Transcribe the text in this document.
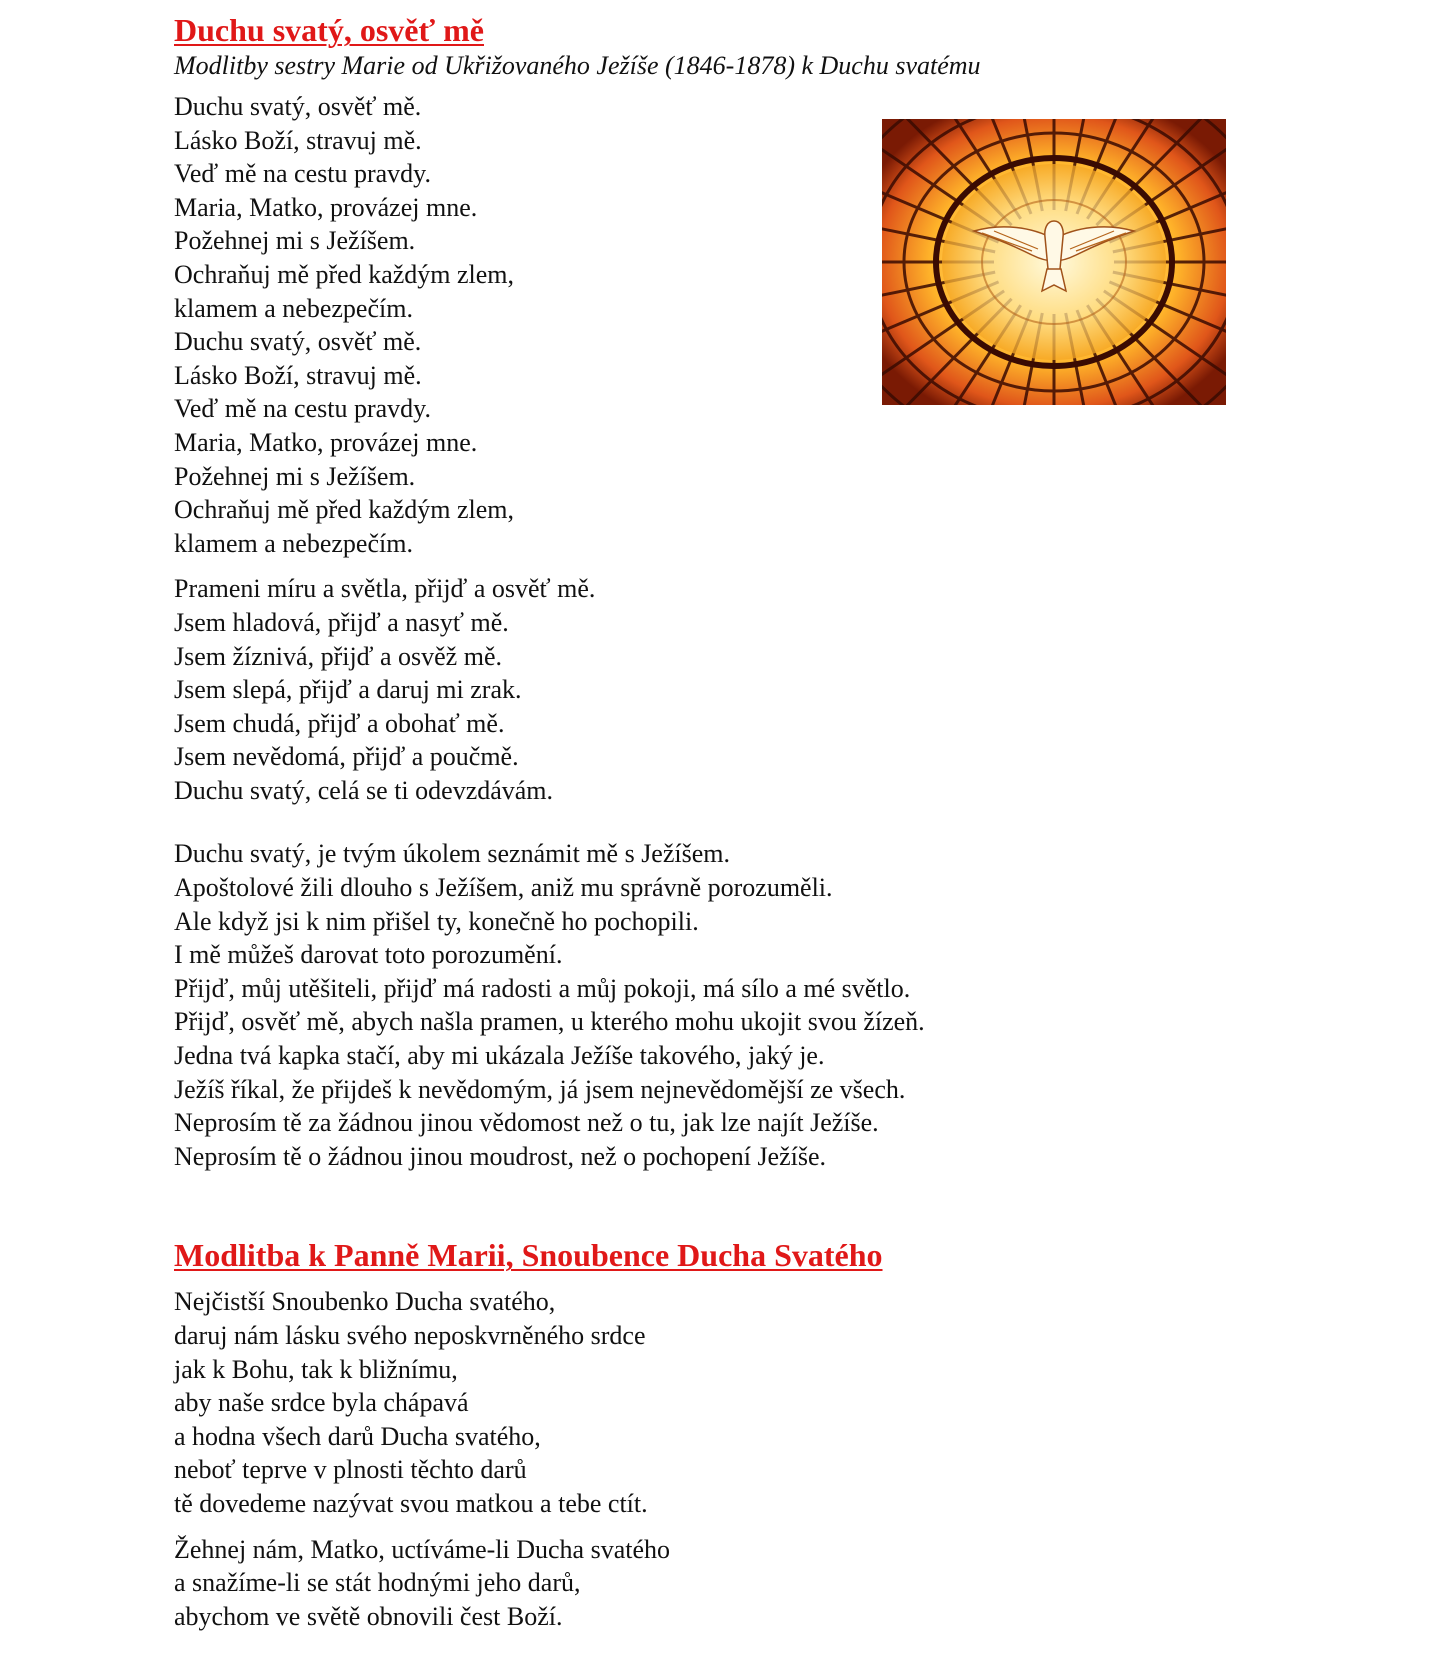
Duchu svatý, osvěť mě

Modlitby sestry Marie od Ukřižovaného Ježíše (1846-1878) k Duchu svatému

Duchu svatý, osvěť mě.
Lásko Boží, stravuj mě.
Veď mě na cestu pravdy.
Maria, Matko, provázej mne.
Požehnej mi s Ježíšem.
Ochraňuj mě před každým zlem,
klamem a nebezpečím.
Duchu svatý, osvěť mě.
Lásko Boží, stravuj mě.
Veď mě na cestu pravdy.
Maria, Matko, provázej mne.
Požehnej mi s Ježíšem.
Ochraňuj mě před každým zlem,
klamem a nebezpečím.
Prameni míru a světla, přijď a osvěť mě.
Jsem hladová, přijď a nasyť mě.
Jsem žíznivá, přijď a osvěž mě.
Jsem slepá, přijď a daruj mi zrak.
Jsem chudá, přijď a obohať mě.
Jsem nevědomá, přijď a poučmě.
Duchu svatý, celá se ti odevzdávám.
Duchu svatý, je tvým úkolem seznámit mě s Ježíšem.
Apoštolové žili dlouho s Ježíšem, aniž mu správně porozuměli.
Ale když jsi k nim přišel ty, konečně ho pochopili.
I mě můžeš darovat toto porozumění.
Přijď, můj utěšiteli, přijď má radosti a můj pokoji, má sílo a mé světlo.
Přijď, osvěť mě, abych našla pramen, u kterého mohu ukojit svou žízeň.
Jedna tvá kapka stačí, aby mi ukázala Ježíše takového, jaký je.
Ježíš říkal, že přijdeš k nevědomým, já jsem nejnevědomější ze všech.
Neprosím tě za žádnou jinou vědomost než o tu, jak lze najít Ježíše.
Neprosím tě o žádnou jinou moudrost, než o pochopení Ježíše.
Modlitba k Panně Marii, Snoubence Ducha Svatého
Nejčistší Snoubenko Ducha svatého,
daruj nám lásku svého neposkvrněného srdce
jak k Bohu, tak k bližnímu,
aby naše srdce byla chápavá
a hodna všech darů Ducha svatého,
neboť teprve v plnosti těchto darů
tě dovedeme nazývat svou matkou a tebe ctít.
Žehnej nám, Matko, uctíváme-li Ducha svatého
a snažíme-li se stát hodnými jeho darů,
abychom ve světě obnovili čest Boží.
